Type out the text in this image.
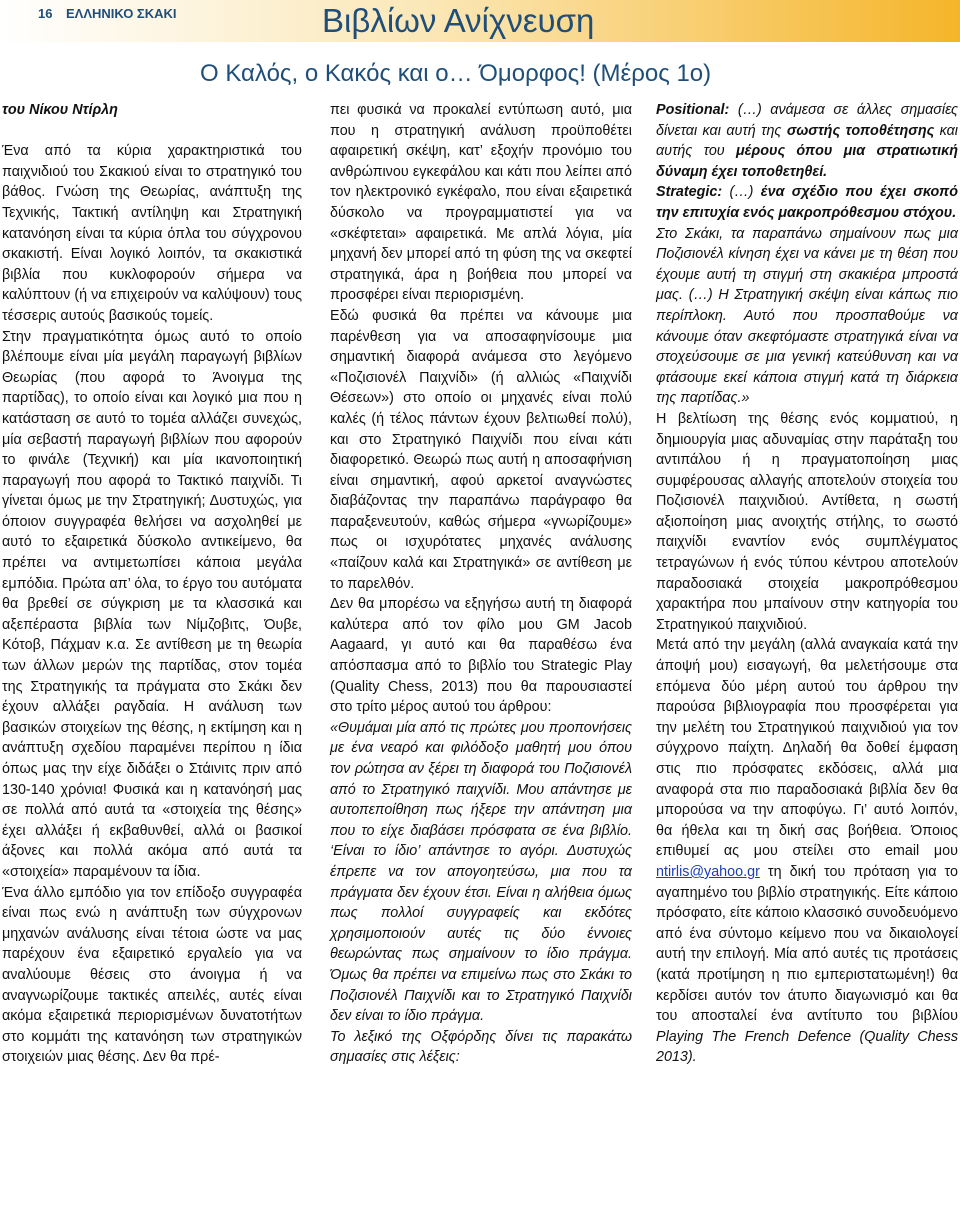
16 ΕΛΛΗΝΙΚΟ ΣΚΑΚΙ	Βιβλίων Ανίχνευση
Ο Καλός, ο Κακός και ο… Όμορφος! (Μέρος 1ο)

του Νίκου Ντίρλη

Ένα από τα κύρια χαρακτηριστικά του παιχνιδιού του Σκακιού είναι το στρατηγικό του βάθος. Γνώση της Θεωρίας, ανάπτυξη της Τεχνικής, Τακτική αντίληψη και Στρατηγική κατανόηση είναι τα κύρια όπλα του σύγχρονου σκακιστή. Είναι λογικό λοιπόν, τα σκακιστικά βιβλία που κυκλοφορούν σήμερα να καλύπτουν (ή να επιχειρούν να καλύψουν) τους τέσσερις αυτούς βασικούς τομείς.

Στην πραγματικότητα όμως αυτό το οποίο βλέπουμε είναι μία μεγάλη παραγωγή βιβλίων Θεωρίας (που αφορά το Άνοιγμα της παρτίδας), το οποίο είναι και λογικό μια που η κατάσταση σε αυτό το τομέα αλλάζει συνεχώς, μία σεβαστή παραγωγή βιβλίων που αφορούν το φινάλε (Τεχνική) και μία ικανοποιητική παραγωγή που αφορά το Τακτικό παιχνίδι. Τι γίνεται όμως με την Στρατηγική; Δυστυχώς, για όποιον συγγραφέα θελήσει να ασχοληθεί με αυτό το εξαιρετικά δύσκολο αντικείμενο, θα πρέπει να αντιμετωπίσει κάποια μεγάλα εμπόδια. Πρώτα απ’ όλα, το έργο του αυτόματα θα βρεθεί σε σύγκριση με τα κλασσικά και αξεπέραστα βιβλία των Νίμζοβιτς, Όυβε, Κότοβ, Πάχμαν κ.α. Σε αντίθεση με τη θεωρία των άλλων μερών της παρτίδας, στον τομέα της Στρατηγικής τα πράγματα στο Σκάκι δεν έχουν αλλάξει ραγδαία. Η ανάλυση των βασικών στοιχείων της θέσης, η εκτίμηση και η ανάπτυξη σχεδίου παραμένει περίπου η ίδια όπως μας την είχε διδάξει ο Στάινιτς πριν από 130-140 χρόνια! Φυσικά και η κατανόησή μας σε πολλά από αυτά τα «στοιχεία της θέσης» έχει αλλάξει ή εκβαθυνθεί, αλλά οι βασικοί άξονες και πολλά ακόμα από αυτά τα «στοιχεία» παραμένουν τα ίδια.

Ένα άλλο εμπόδιο για τον επίδοξο συγγραφέα είναι πως ενώ η ανάπτυξη των σύγχρονων μηχανών ανάλυσης είναι τέτοια ώστε να μας παρέχουν ένα εξαιρετικό εργαλείο για να αναλύουμε θέσεις στο άνοιγμα ή να αναγνωρίζουμε τακτικές απειλές, αυτές είναι ακόμα εξαιρετικά περιορισμένων δυνατοτήτων στο κομμάτι της κατανόηση των στρατηγικών στοιχειών μιας θέσης. Δεν θα πρέ-

πει φυσικά να προκαλεί εντύπωση αυτό, μια που η στρατηγική ανάλυση προϋποθέτει αφαιρετική σκέψη, κατ’ εξοχήν προνόμιο του ανθρώπινου εγκεφάλου και κάτι που λείπει από τον ηλεκτρονικό εγκέφαλο, που είναι εξαιρετικά δύσκολο να προγραμματιστεί για να «σκέφτεται» αφαιρετικά. Με απλά λόγια, μία μηχανή δεν μπορεί από τη φύση της να σκεφτεί στρατηγικά, άρα η βοήθεια που μπορεί να προσφέρει είναι περιορισμένη.

Εδώ φυσικά θα πρέπει να κάνουμε μια παρένθεση για να αποσαφηνίσουμε μια σημαντική διαφορά ανάμεσα στο λεγόμενο «Ποζισιονέλ Παιχνίδι» (ή αλλιώς «Παιχνίδι Θέσεων») στο οποίο οι μηχανές είναι πολύ καλές (ή τέλος πάντων έχουν βελτιωθεί πολύ), και στο Στρατηγικό Παιχνίδι που είναι κάτι διαφορετικό. Θεωρώ πως αυτή η αποσαφήνιση είναι σημαντική, αφού αρκετοί αναγνώστες διαβάζοντας την παραπάνω παράγραφο θα παραξενευτούν, καθώς σήμερα «γνωρίζουμε» πως οι ισχυρότατες μηχανές ανάλυσης «παίζουν καλά και Στρατηγικά» σε αντίθεση με το παρελθόν.

Δεν θα μπορέσω να εξηγήσω αυτή τη διαφορά καλύτερα από τον φίλο μου GM Jacob Aagaard, γι αυτό και θα παραθέσω ένα απόσπασμα από το βιβλίο του Strategic Play (Quality Chess, 2013) που θα παρουσιαστεί στο τρίτο μέρος αυτού του άρθρου:

«Θυμάμαι μία από τις πρώτες μου προπονήσεις με ένα νεαρό και φιλόδοξο μαθητή μου όπου τον ρώτησα αν ξέρει τη διαφορά του Ποζισιονέλ από το Στρατηγικό παιχνίδι. Μου απάντησε με αυτοπεποίθηση πως ήξερε την απάντηση μια που το είχε διαβάσει πρόσφατα σε ένα βιβλίο. ‘Είναι το ίδιο’ απάντησε το αγόρι. Δυστυχώς έπρεπε να τον απογοητεύσω, μια που τα πράγματα δεν έχουν έτσι. Είναι η αλήθεια όμως πως πολλοί συγγραφείς και εκδότες χρησιμοποιούν αυτές τις δύο έννοιες θεωρώντας πως σημαίνουν το ίδιο πράγμα. Όμως θα πρέπει να επιμείνω πως στο Σκάκι το Ποζισιονέλ Παιχνίδι και το Στρατηγικό Παιχνίδι δεν είναι το ίδιο πράγμα.

Το λεξικό της Οξφόρδης δίνει τις παρακάτω σημασίες στις λέξεις:

Positional: (…) ανάμεσα σε άλλες σημασίες δίνεται και αυτή της σωστής τοποθέτησης και αυτής του μέρους όπου μια στρατιωτική δύναμη έχει τοποθετηθεί.

Strategic: (…) ένα σχέδιο που έχει σκοπό την επιτυχία ενός μακροπρόθεσμου στόχου.

Στο Σκάκι, τα παραπάνω σημαίνουν πως μια Ποζισιονέλ κίνηση έχει να κάνει με τη θέση που έχουμε αυτή τη στιγμή στη σκακιέρα μπροστά μας. (…) Η Στρατηγική σκέψη είναι κάπως πιο περίπλοκη. Αυτό που προσπαθούμε να κάνουμε όταν σκεφτόμαστε στρατηγικά είναι να στοχεύσουμε σε μια γενική κατεύθυνση και να φτάσουμε εκεί κάποια στιγμή κατά τη διάρκεια της παρτίδας.»

Η βελτίωση της θέσης ενός κομματιού, η δημιουργία μιας αδυναμίας στην παράταξη του αντιπάλου ή η πραγματοποίηση μιας συμφέρουσας αλλαγής αποτελούν στοιχεία του Ποζισιονέλ παιχνιδιού. Αντίθετα, η σωστή αξιοποίηση μιας ανοιχτής στήλης, το σωστό παιχνίδι εναντίον ενός συμπλέγματος τετραγώνων ή ενός τύπου κέντρου αποτελούν παραδοσιακά στοιχεία μακροπρόθεσμου χαρακτήρα που μπαίνουν στην κατηγορία του Στρατηγικού παιχνιδιού.

Μετά από την μεγάλη (αλλά αναγκαία κατά την άποψή μου) εισαγωγή, θα μελετήσουμε στα επόμενα δύο μέρη αυτού του άρθρου την παρούσα βιβλιογραφία που προσφέρεται για την μελέτη του Στρατηγικού παιχνιδιού για τον σύγχρονο παίχτη. Δηλαδή θα δοθεί έμφαση στις πιο πρόσφατες εκδόσεις, αλλά μια αναφορά στα πιο παραδοσιακά βιβλία δεν θα μπορούσα να την αποφύγω. Γι’ αυτό λοιπόν, θα ήθελα και τη δική σας βοήθεια. Όποιος επιθυμεί ας μου στείλει στο email μου ntirlis@yahoo.gr τη δική του πρόταση για το αγαπημένο του βιβλίο στρατηγικής. Είτε κάποιο πρόσφατο, είτε κάποιο κλασσικό συνοδευόμενο από ένα σύντομο κείμενο που να δικαιολογεί αυτή την επιλογή. Μία από αυτές τις προτάσεις (κατά προτίμηση η πιο εμπεριστατωμένη!) θα κερδίσει αυτόν τον άτυπο διαγωνισμό και θα του αποσταλεί ένα αντίτυπο του βιβλίου Playing The French Defence (Quality Chess 2013).
